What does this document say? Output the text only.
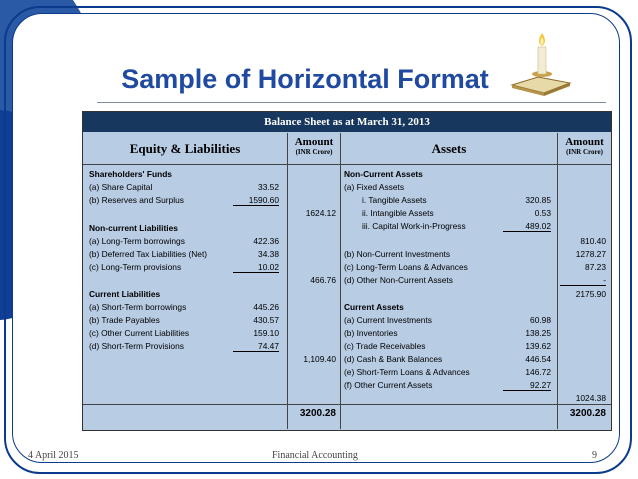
Sample of Horizontal Format
Balance Sheet as at March 31, 2013
Equity & Liabilities	Amount
(INR Crore)	Assets	Amount
(INR Crore)
Shareholders' Funds
(a) Share Capital	33.52
(b) Reserves and Surplus	1590.60
1624.12
Non-current Liabilities
(a) Long-Term borrowings	422.36
(b) Deferred Tax Liabilities (Net)	34.38
(c) Long-Term provisions	10.02
466.76
Current Liabilities
(a) Short-Term borrowings	445.26
(b) Trade Payables	430.57
(c) Other Current Liabilities	159.10
(d) Short-Term Provisions	74.47
1,109.40
3200.28
Non-Current Assets
(a) Fixed Assets
i. Tangible Assets	320.85
ii. Intangible Assets	0.53
iii. Capital Work-in-Progress	489.02
810.40
(b) Non-Current Investments	1278.27
(c) Long-Term Loans & Advances	87.23
(d) Other Non-Current Assets	-
2175.90
Current Assets
(a) Current Investments	60.98
(b) Inventories	138.25
(c) Trade Receivables	139.62
(d) Cash & Bank Balances	446.54
(e) Short-Term Loans & Advances	146.72
(f) Other Current Assets	92.27
1024.38
3200.28
4 April 2015	Financial Accounting	9
